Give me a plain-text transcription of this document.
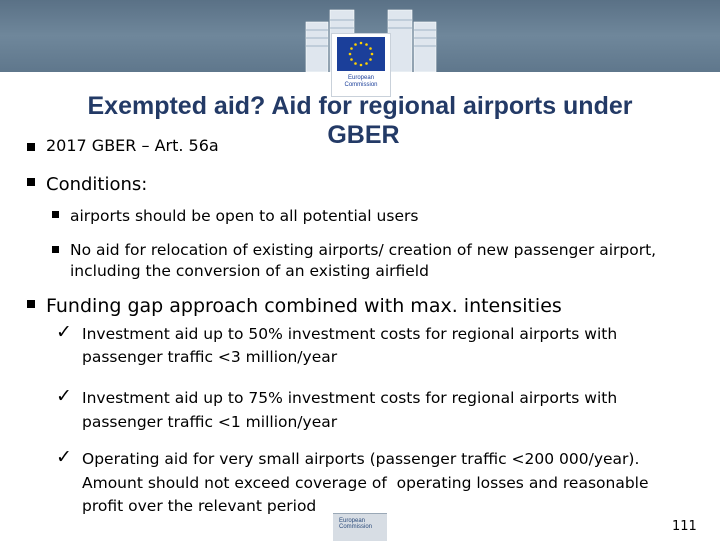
European Commission
Exempted aid? Aid for regional airports under
GBER
2017 GBER – Art. 56a
Conditions:
airports should be open to all potential users
No aid for relocation of existing airports/ creation of new passenger airport,
including the conversion of an existing airfield
Funding gap approach combined with max. intensities
✓ Investment aid up to 50% investment costs for regional airports with
passenger traffic <3 million/year
✓ Investment aid up to 75% investment costs for regional airports with
passenger traffic <1 million/year
✓ Operating aid for very small airports (passenger traffic <200 000/year).
Amount should not exceed coverage of  operating losses and reasonable
profit over the relevant period
European Commission	111
